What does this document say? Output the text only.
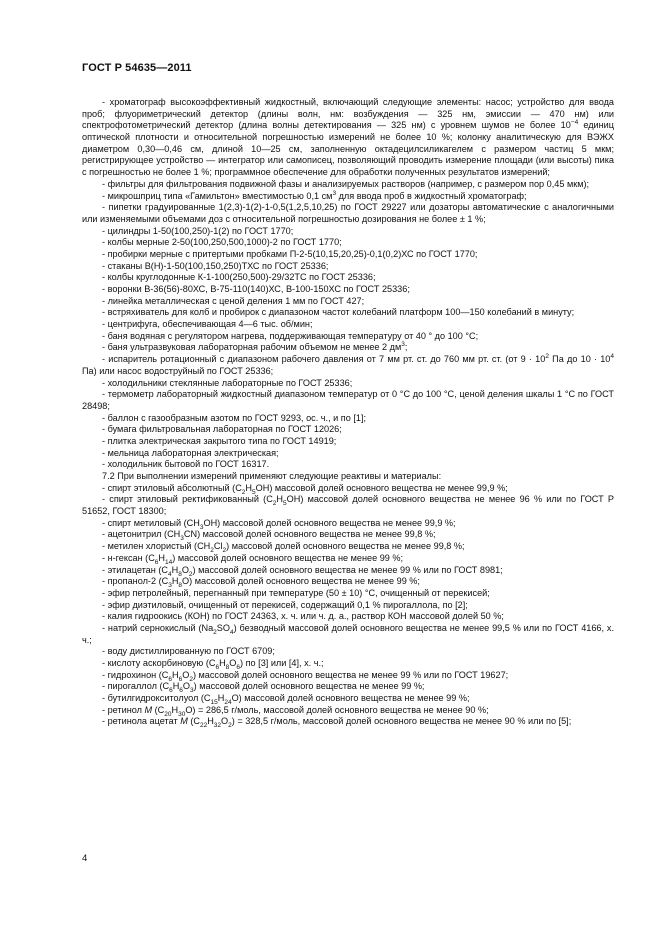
ГОСТ Р 54635—2011

- хроматограф высокоэффективный жидкостный, включающий следующие элементы: насос; устройство для ввода проб; флуориметрический детектор (длины волн, нм: возбуждения — 325 нм, эмиссии — 470 нм) или спектрофотометрический детектор (длина волны детектирования — 325 нм) с уровнем шумов не более $10^{-4}$ единиц оптической плотности и относительной погрешностью измерений не более 10 %; колонку аналитическую для ВЭЖХ диаметром 0,30—0,46 см, длиной 10—25 см, заполненную октадецилсиликагелем с размером частиц 5 мкм; регистрирующее устройство — интегратор или самописец, позволяющий проводить измерение площади (или высоты) пика с погрешностью не более 1 %; программное обеспечение для обработки полученных результатов измерений;

- фильтры для фильтрования подвижной фазы и анализируемых растворов (например, с размером пор 0,45 мкм);

- микрошприц типа «Гамильтон» вместимостью 0,1 $см^3$ для ввода проб в жидкостный хроматограф;

- пипетки градуированные 1(2,3)-1(2)-1-0,5(1,2,5,10,25) по ГОСТ 29227 или дозаторы автоматические с аналогичными или изменяемыми объемами доз с относительной погрешностью дозирования не более ± 1 %;

- цилиндры 1-50(100,250)-1(2) по ГОСТ 1770;

- колбы мерные 2-50(100,250,500,1000)-2 по ГОСТ 1770;

- пробирки мерные с притертыми пробками П-2-5(10,15,20,25)-0,1(0,2)ХС по ГОСТ 1770;

- стаканы В(Н)-1-50(100,150,250)ТХС по ГОСТ 25336;

- колбы круглодонные К-1-100(250,500)-29/32ТС по ГОСТ 25336;

- воронки В-36(56)-80ХС, В-75-110(140)ХС, В-100-150ХС по ГОСТ 25336;

- линейка металлическая с ценой деления 1 мм по ГОСТ 427;

- встряхиватель для колб и пробирок с диапазоном частот колебаний платформ 100—150 колебаний в минуту;

- центрифуга, обеспечивающая 4—6 тыс. об/мин;

- баня водяная с регулятором нагрева, поддерживающая температуру от 40 ° до 100 °С;

- баня ультразвуковая лабораторная рабочим объемом не менее 2 $дм^3$;

- испаритель ротационный с диапазоном рабочего давления от 7 мм рт. ст. до 760 мм рт. ст. (от $9 \cdot 10^2$ Па до $10 \cdot 10^4$ Па) или насос водоструйный по ГОСТ 25336;

- холодильники стеклянные лабораторные по ГОСТ 25336;

- термометр лабораторный жидкостный диапазоном температур от 0 °С до 100 °С, ценой деления шкалы 1 °С по ГОСТ 28498;

- баллон с газообразным азотом по ГОСТ 9293, ос. ч., и по [1];

- бумага фильтровальная лабораторная по ГОСТ 12026;

- плитка электрическая закрытого типа по ГОСТ 14919;

- мельница лабораторная электрическая;

- холодильник бытовой по ГОСТ 16317.

7.2 При выполнении измерений применяют следующие реактивы и материалы:

- спирт этиловый абсолютный $(С_2Н_5ОН)$ массовой долей основного вещества не менее 99,9 %;

- спирт этиловый ректификованный $(С_2Н_5ОН)$ массовой долей основного вещества не менее 96 % или по ГОСТ Р 51652, ГОСТ 18300;

- спирт метиловый $(СН_3ОН)$ массовой долей основного вещества не менее 99,9 %;

- ацетонитрил $(СН_3СN)$ массовой долей основного вещества не менее 99,8 %;

- метилен хлористый $(СН_2Сl_2)$ массовой долей основного вещества не менее 99,8 %;

- н-гексан $(С_6Н_{14})$ массовой долей основного вещества не менее 99 %;

- этилацетан $(С_4Н_8О_2)$ массовой долей основного вещества не менее 99 % или по ГОСТ 8981;

- пропанол-2 $(С_3Н_8О)$ массовой долей основного вещества не менее 99 %;

- эфир петролейный, перегнанный при температуре (50 ± 10) °С, очищенный от перекисей;

- эфир диэтиловый, очищенный от перекисей, содержащий 0,1 % пирогаллола, по [2];

- калия гидроокись (КОН) по ГОСТ 24363, х. ч. или ч. д. а., раствор КОН массовой долей 50 %;

- натрий сернокислый $(Na_2SO_4)$ безводный массовой долей основного вещества не менее 99,5 % или по ГОСТ 4166, х. ч.;

- воду дистиллированную по ГОСТ 6709;

- кислоту аскорбиновую $(С_6Н_8О_6)$ по [3] или [4], х. ч.;

- гидрохинон $(С_6Н_6О_2)$ массовой долей основного вещества не менее 99 % или по ГОСТ 19627;

- пирогаллол $(С_6Н_6О_3)$ массовой долей основного вещества не менее 99 %;

- бутилгидрокситолуол $(С_{15}Н_{24}О)$ массовой долей основного вещества не менее 99 %;

- ретинол М $(С_{20}Н_{30}О) = 286,5$ г/моль, массовой долей основного вещества не менее 90 %;

- ретинола ацетат М $(С_{22}Н_{32}О_2) = 328,5$ г/моль, массовой долей основного вещества не менее 90 % или по [5];

4
